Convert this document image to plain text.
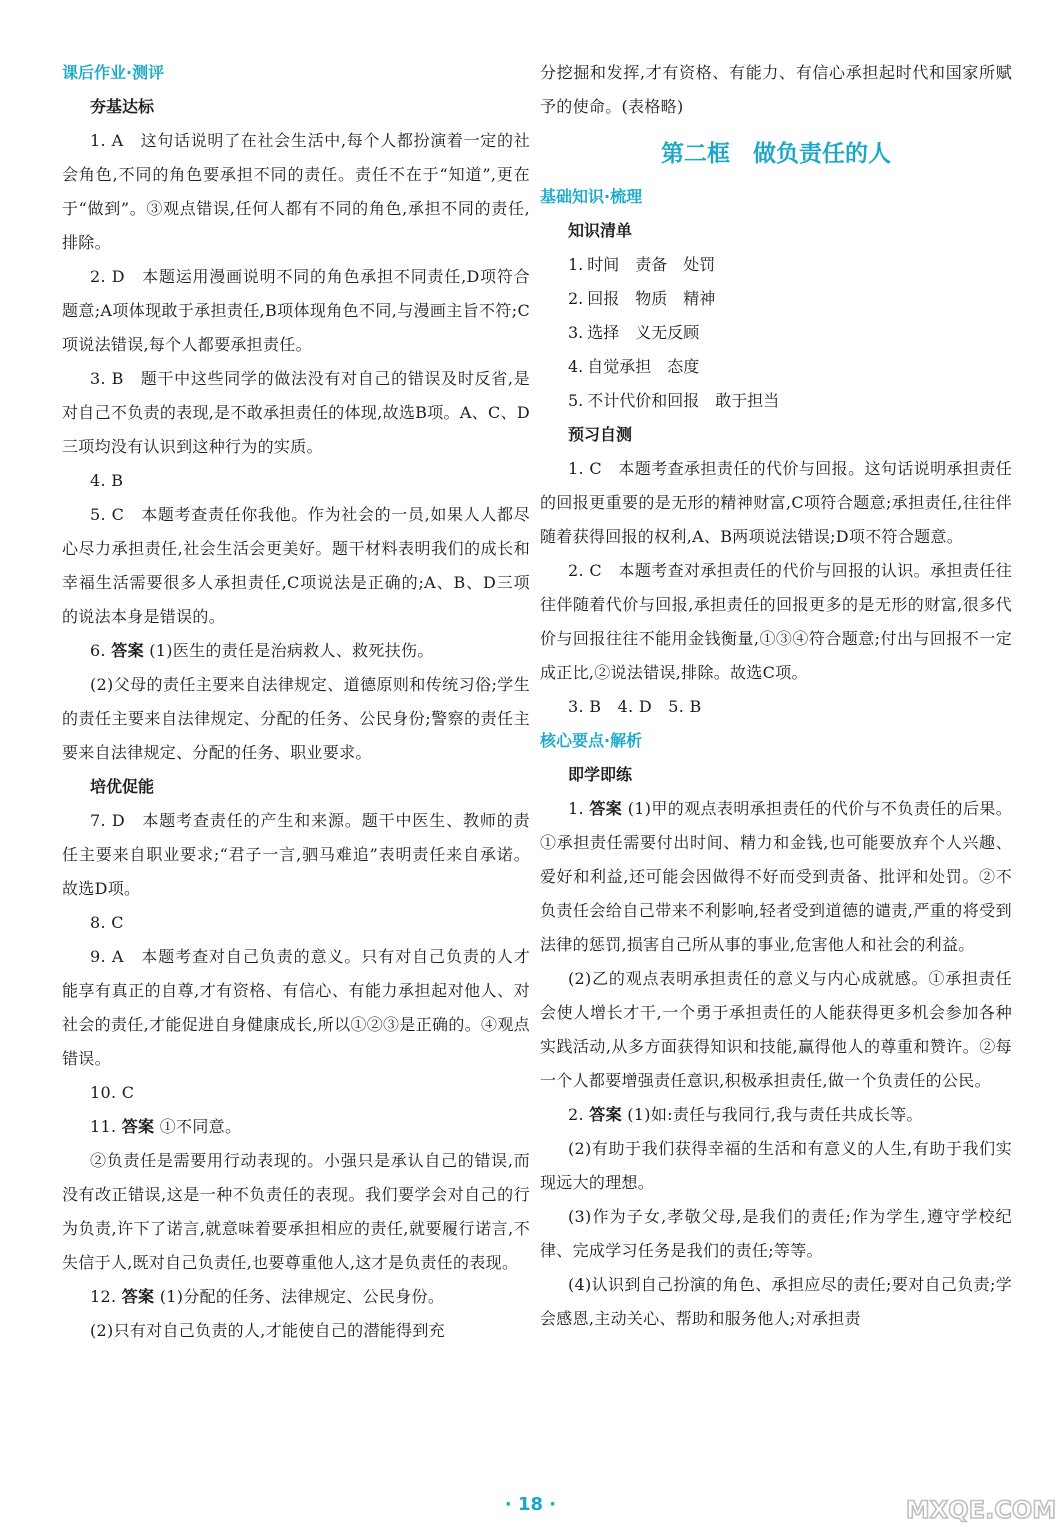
课后作业·测评
夯基达标

1. A　 这句话说明了在社会生活中,每个人都扮演着一定的社会角色,不同的角色要承担不同的责任。责任不在于“知道”,更在于“做到”。③观点错误,任何人都有不同的角色,承担不同的责任,排除。

2. D　 本题运用漫画说明不同的角色承担不同责任,D项符合题意;A项体现敢于承担责任,B项体现角色不同,与漫画主旨不符;C项说法错误,每个人都要承担责任。

3. B　 题干中这些同学的做法没有对自己的错误及时反省,是对自己不负责的表现,是不敢承担责任的体现,故选B项。A、C、D三项均没有认识到这种行为的实质。

4. B

5. C　 本题考查责任你我他。作为社会的一员,如果人人都尽心尽力承担责任,社会生活会更美好。题干材料表明我们的成长和幸福生活需要很多人承担责任,C项说法是正确的;A、B、D三项的说法本身是错误的。

6. 答案 (1)医生的责任是治病救人、救死扶伤。

(2)父母的责任主要来自法律规定、道德原则和传统习俗;学生的责任主要来自法律规定、分配的任务、公民身份;警察的责任主要来自法律规定、分配的任务、职业要求。

培优促能

7. D　 本题考查责任的产生和来源。题干中医生、教师的责任主要来自职业要求;“君子一言,驷马难追”表明责任来自承诺。故选D项。

8. C

9. A　 本题考查对自己负责的意义。只有对自己负责的人才能享有真正的自尊,才有资格、有信心、有能力承担起对他人、对社会的责任,才能促进自身健康成长,所以①②③是正确的。④观点错误。

10. C

11. 答案 ①不同意。

②负责任是需要用行动表现的。小强只是承认自己的错误,而没有改正错误,这是一种不负责任的表现。我们要学会对自己的行为负责,许下了诺言,就意味着要承担相应的责任,就要履行诺言,不失信于人,既对自己负责任,也要尊重他人,这才是负责任的表现。

12. 答案 (1)分配的任务、法律规定、公民身份。

(2)只有对自己负责的人,才能使自己的潜能得到充

分挖掘和发挥,才有资格、有能力、有信心承担起时代和国家所赋予的使命。(表格略)

第二框　做负责任的人
基础知识·梳理
知识清单
1. 时间 责备 处罚
2. 回报 物质 精神
3. 选择 义无反顾
4. 自觉承担 态度
5. 不计代价和回报 敢于担当
预习自测

1. C　 本题考查承担责任的代价与回报。这句话说明承担责任的回报更重要的是无形的精神财富,C项符合题意;承担责任,往往伴随着获得回报的权利,A、B两项说法错误;D项不符合题意。

2. C　 本题考查对承担责任的代价与回报的认识。承担责任往往伴随着代价与回报,承担责任的回报更多的是无形的财富,很多代价与回报往往不能用金钱衡量,①③④符合题意;付出与回报不一定成正比,②说法错误,排除。故选C项。

3. B　4. D　5. B

核心要点·解析
即学即练

1. 答案 (1)甲的观点表明承担责任的代价与不负责任的后果。①承担责任需要付出时间、精力和金钱,也可能要放弃个人兴趣、爱好和利益,还可能会因做得不好而受到责备、批评和处罚。②不负责任会给自己带来不利影响,轻者受到道德的谴责,严重的将受到法律的惩罚,损害自己所从事的事业,危害他人和社会的利益。

(2)乙的观点表明承担责任的意义与内心成就感。①承担责任会使人增长才干,一个勇于承担责任的人能获得更多机会参加各种实践活动,从多方面获得知识和技能,赢得他人的尊重和赞许。②每一个人都要增强责任意识,积极承担责任,做一个负责任的公民。

2. 答案 (1)如:责任与我同行,我与责任共成长等。

(2)有助于我们获得幸福的生活和有意义的人生,有助于我们实现远大的理想。

(3)作为子女,孝敬父母,是我们的责任;作为学生,遵守学校纪律、完成学习任务是我们的责任;等等。

(4)认识到自己扮演的角色、承担应尽的责任;要对自己负责;学会感恩,主动关心、帮助和服务他人;对承担责

· 18 ·	MXQE.COM
